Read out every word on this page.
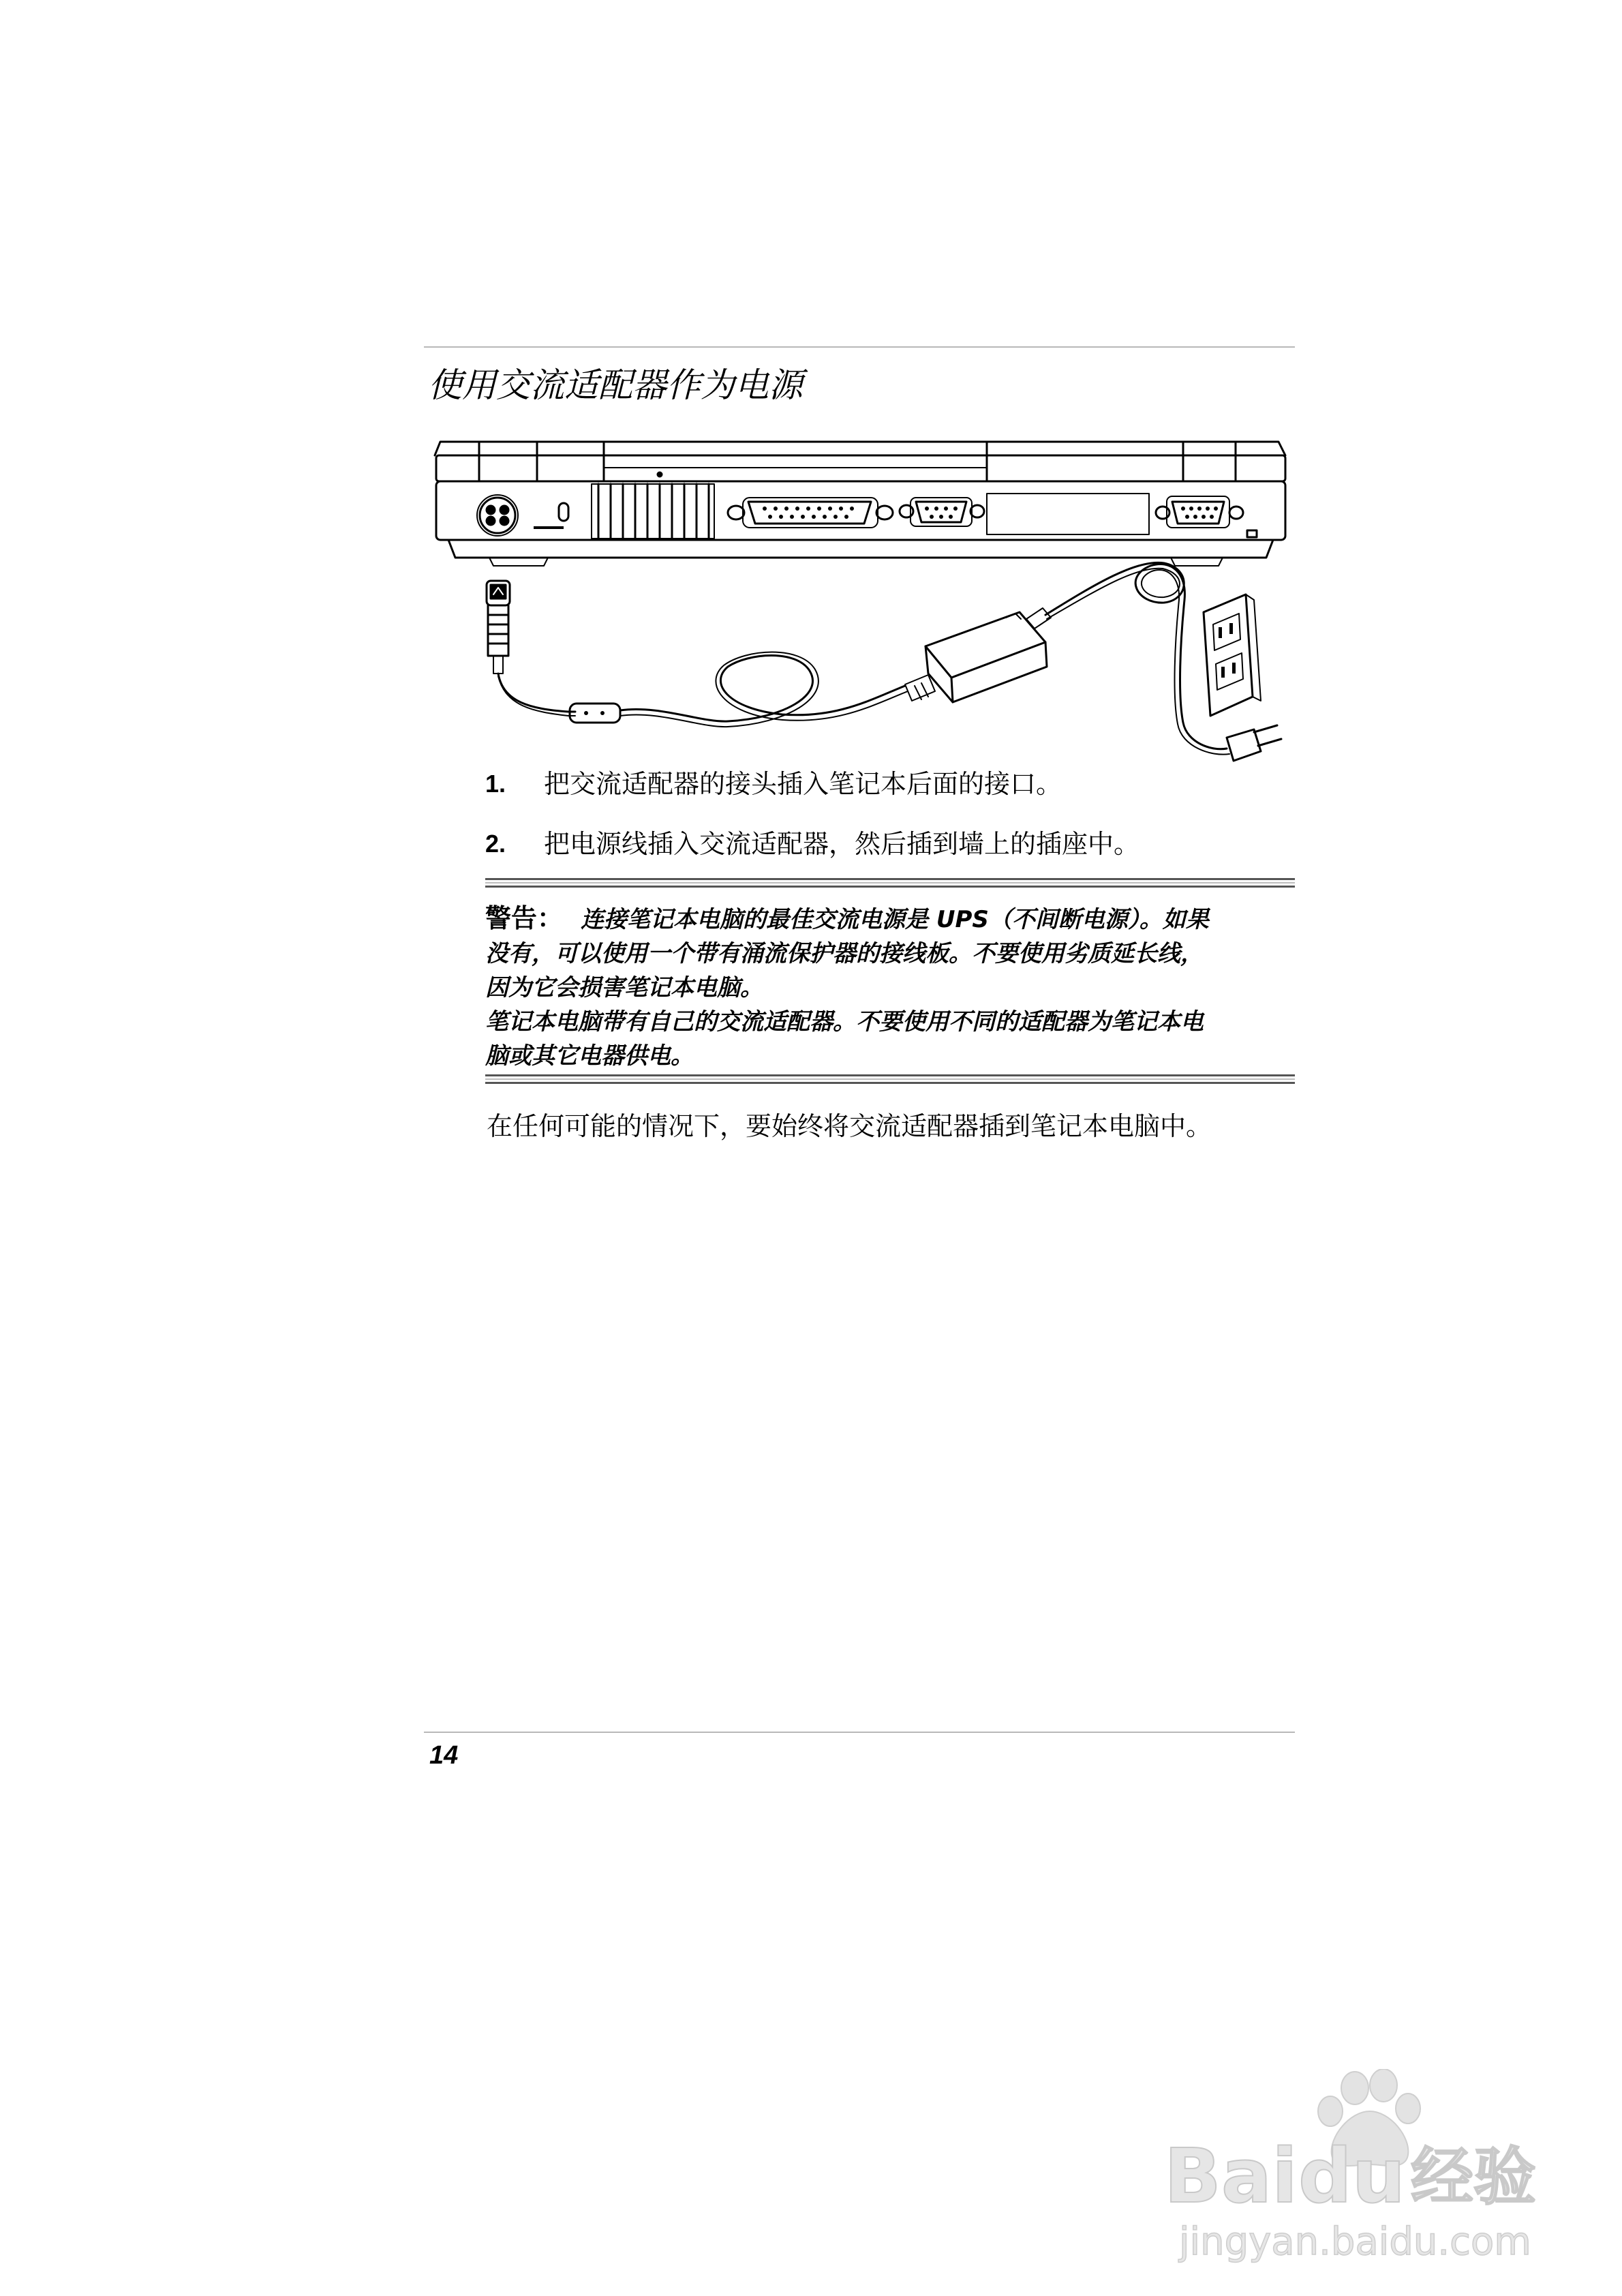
使用交流适配器作为电源
1. 把交流适配器的接头插入笔记本后面的接口。
2. 把电源线插入交流适配器，然后插到墙上的插座中。
警告： 连接笔记本电脑的最佳交流电源是 UPS（不间断电源）。如果
没有，可以使用一个带有涌流保护器的接线板。不要使用劣质延长线，
因为它会损害笔记本电脑。
笔记本电脑带有自己的交流适配器。不要使用不同的适配器为笔记本电
脑或其它电器供电。

在任何可能的情况下，要始终将交流适配器插到笔记本电脑中。

14
Bai du 经验
jingyan.baidu.com
